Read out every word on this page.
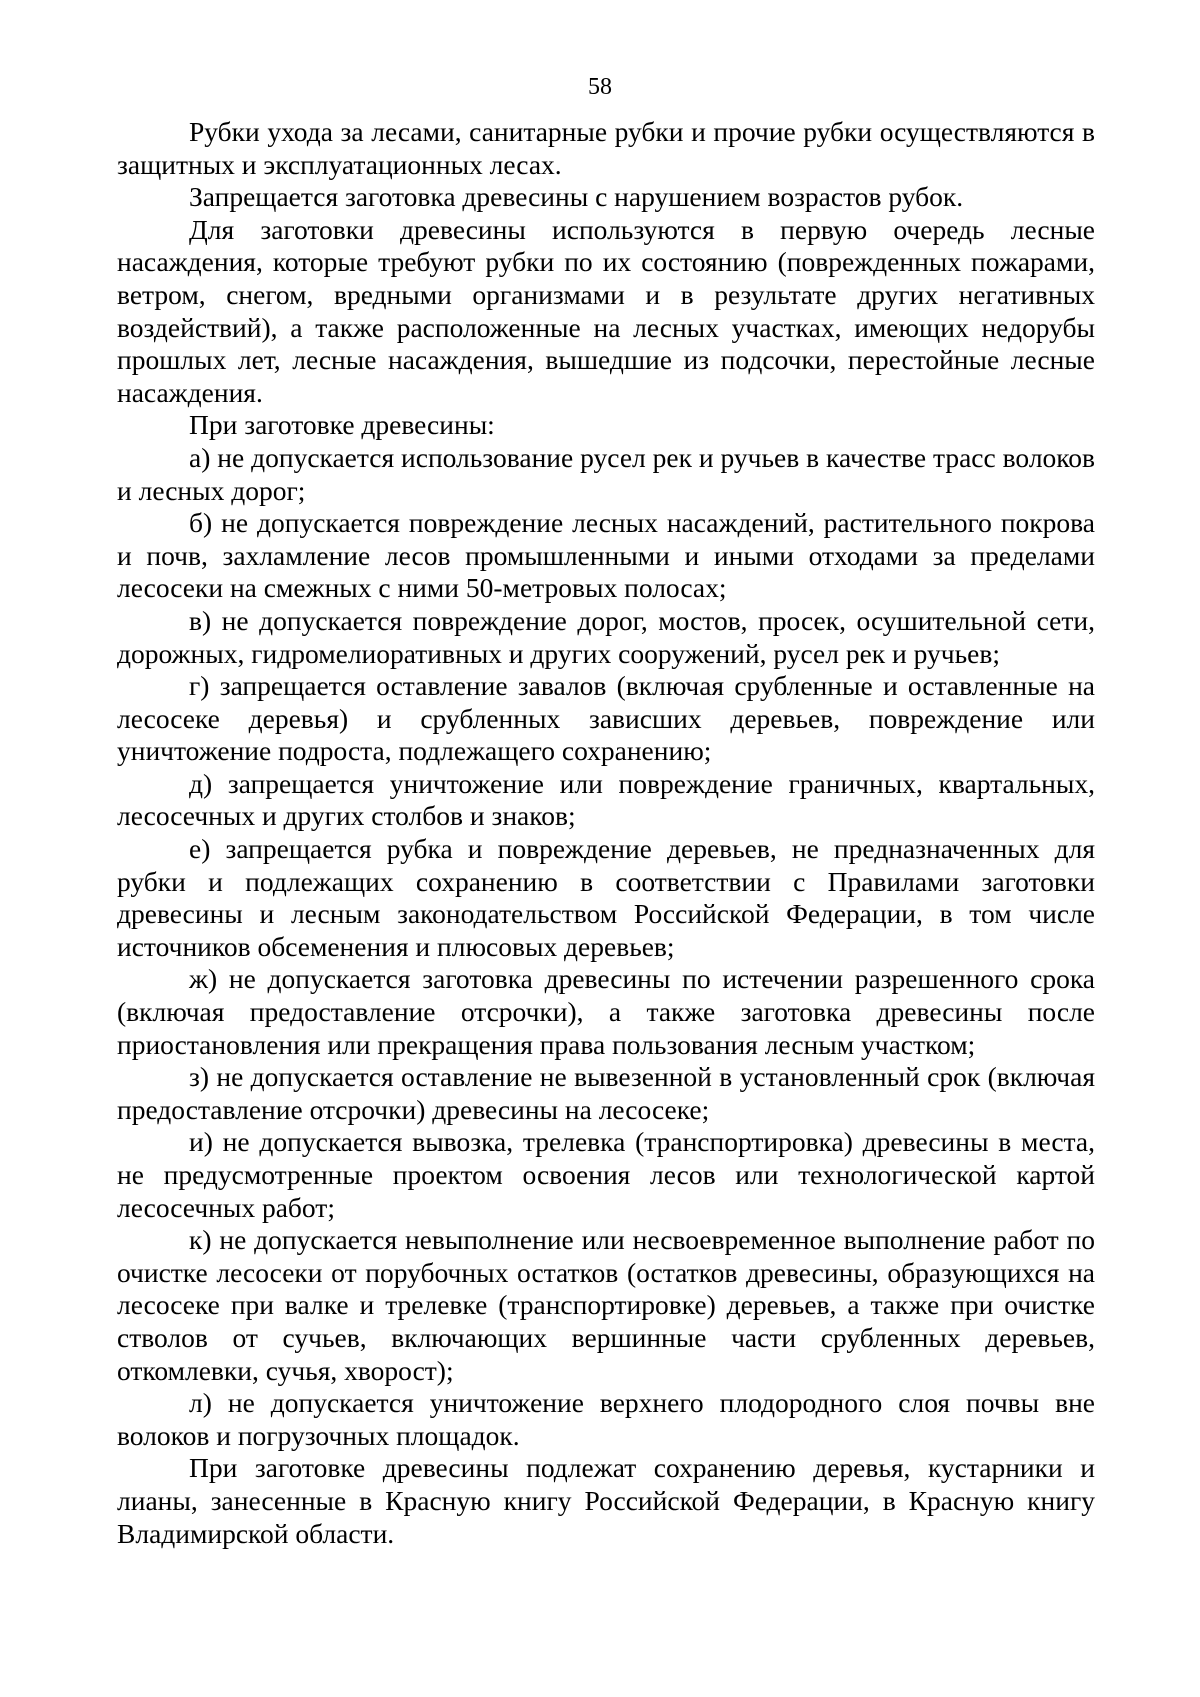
58

Рубки ухода за лесами, санитарные рубки и прочие рубки осуществляются в защитных и эксплуатационных лесах.

Запрещается заготовка древесины с нарушением возрастов рубок.

Для заготовки древесины используются в первую очередь лесные насаждения, которые требуют рубки по их состоянию (поврежденных пожарами, ветром, снегом, вредными организмами и в результате других негативных воздействий), а также расположенные на лесных участках, имеющих недорубы прошлых лет, лесные насаждения, вышедшие из подсочки, перестойные лесные насаждения.

При заготовке древесины:

а) не допускается использование русел рек и ручьев в качестве трасс волоков и лесных дорог;

б) не допускается повреждение лесных насаждений, растительного покрова и почв, захламление лесов промышленными и иными отходами за пределами лесосеки на смежных с ними 50-метровых полосах;

в) не допускается повреждение дорог, мостов, просек, осушительной сети, дорожных, гидромелиоративных и других сооружений, русел рек и ручьев;

г) запрещается оставление завалов (включая срубленные и оставленные на лесосеке деревья) и срубленных зависших деревьев, повреждение или уничтожение подроста, подлежащего сохранению;

д) запрещается уничтожение или повреждение граничных, квартальных, лесосечных и других столбов и знаков;

е) запрещается рубка и повреждение деревьев, не предназначенных для рубки и подлежащих сохранению в соответствии с Правилами заготовки древесины и лесным законодательством Российской Федерации, в том числе источников обсеменения и плюсовых деревьев;

ж) не допускается заготовка древесины по истечении разрешенного срока (включая предоставление отсрочки), а также заготовка древесины после приостановления или прекращения права пользования лесным участком;

з) не допускается оставление не вывезенной в установленный срок (включая предоставление отсрочки) древесины на лесосеке;

и) не допускается вывозка, трелевка (транспортировка) древесины в места, не предусмотренные проектом освоения лесов или технологической картой лесосечных работ;

к) не допускается невыполнение или несвоевременное выполнение работ по очистке лесосеки от порубочных остатков (остатков древесины, образующихся на лесосеке при валке и трелевке (транспортировке) деревьев, а также при очистке стволов от сучьев, включающих вершинные части срубленных деревьев, откомлевки, сучья, хворост);

л) не допускается уничтожение верхнего плодородного слоя почвы вне волоков и погрузочных площадок.

При заготовке древесины подлежат сохранению деревья, кустарники и лианы, занесенные в Красную книгу Российской Федерации, в Красную книгу Владимирской области.
